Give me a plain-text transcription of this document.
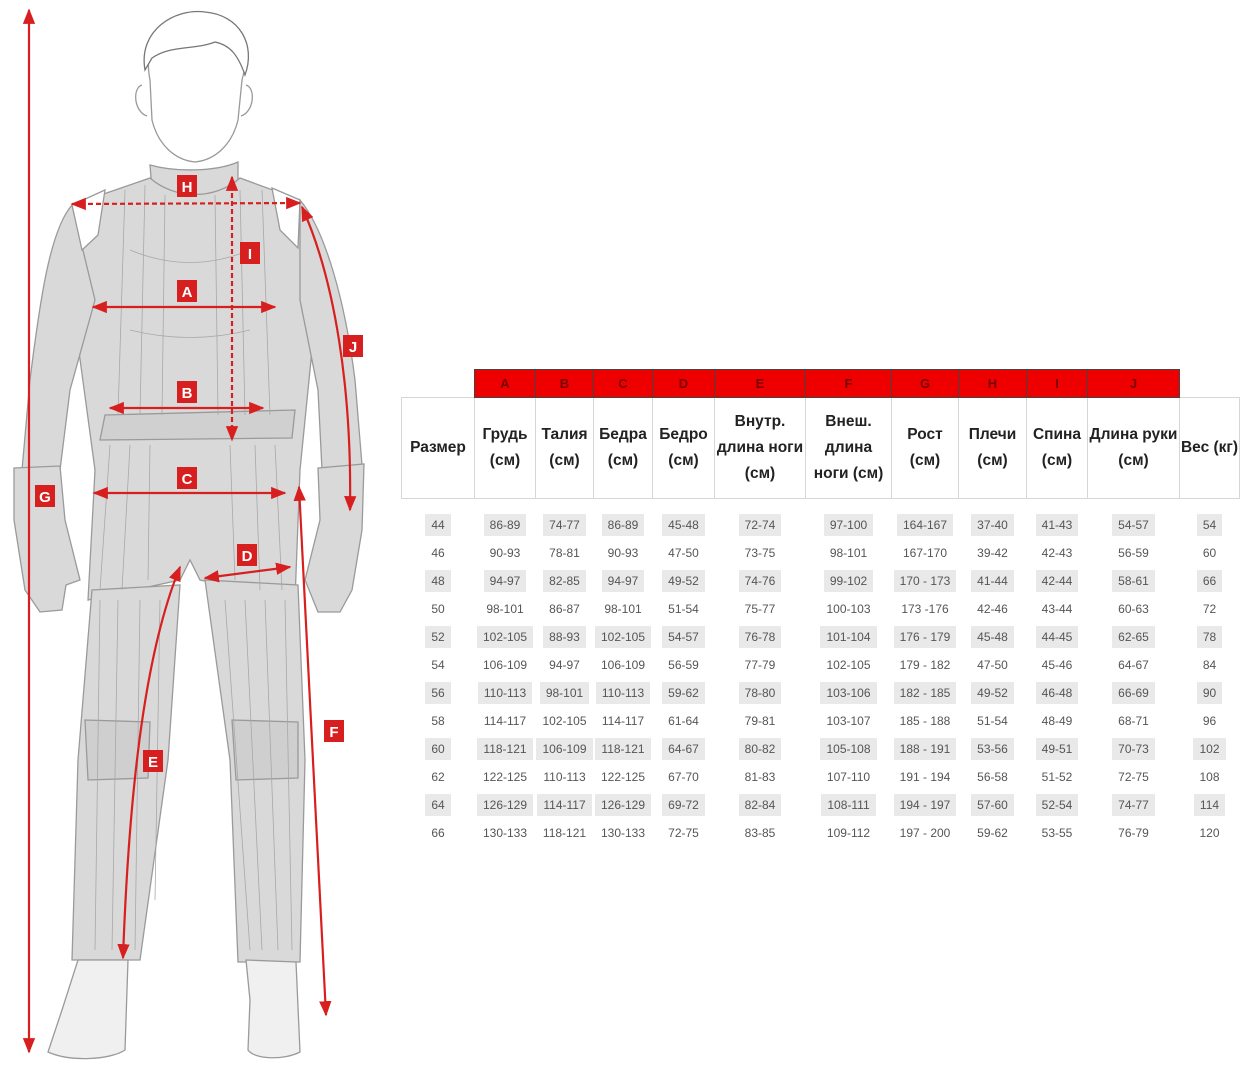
H
I
A
J
B
C
G
D
F
E
	A	B	C	D	E	F	G	H	I	J	
Размер	Грудь (см)	Талия (см)	Бедра (см)	Бедро (см)	Внутр. длина ноги (см)	Внеш. длина ноги (см)	Рост (см)	Плечи (см)	Спина (см)	Длина руки (см)	Вес (кг)

44	86-89	74-77	86-89	45-48	72-74	97-100	164-167	37-40	41-43	54-57	54
46	90-93	78-81	90-93	47-50	73-75	98-101	167-170	39-42	42-43	56-59	60
48	94-97	82-85	94-97	49-52	74-76	99-102	170 - 173	41-44	42-44	58-61	66
50	98-101	86-87	98-101	51-54	75-77	100-103	173 -176	42-46	43-44	60-63	72
52	102-105	88-93	102-105	54-57	76-78	101-104	176 - 179	45-48	44-45	62-65	78
54	106-109	94-97	106-109	56-59	77-79	102-105	179 - 182	47-50	45-46	64-67	84
56	110-113	98-101	110-113	59-62	78-80	103-106	182 - 185	49-52	46-48	66-69	90
58	114-117	102-105	114-117	61-64	79-81	103-107	185 - 188	51-54	48-49	68-71	96
60	118-121	106-109	118-121	64-67	80-82	105-108	188 - 191	53-56	49-51	70-73	102
62	122-125	110-113	122-125	67-70	81-83	107-110	191 - 194	56-58	51-52	72-75	108
64	126-129	114-117	126-129	69-72	82-84	108-111	194 - 197	57-60	52-54	74-77	114
66	130-133	118-121	130-133	72-75	83-85	109-112	197 - 200	59-62	53-55	76-79	120
